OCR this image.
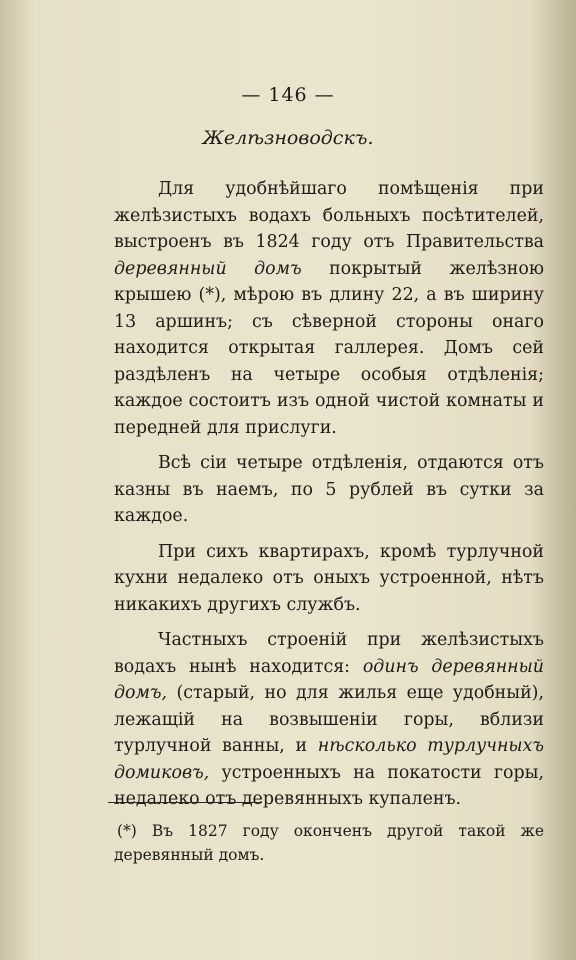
— 146 —
Желѣзноводскъ.

Для удобнѣйшаго помѣщенія при желѣзистыхъ водахъ больныхъ посѣтителей, выстроенъ въ 1824 году отъ Правительства деревянный домъ покрытый желѣзною крышею (*), мѣрою въ длину 22, а въ ширину 13 аршинъ; съ сѣверной стороны онаго находится открытая галлерея. Домъ сей раздѣленъ на четыре особыя отдѣленія; каждое состоитъ изъ одной чистой комнаты и передней для прислуги.

Всѣ сіи четыре отдѣленія, отдаются отъ казны въ наемъ, по 5 рублей въ сутки за каждое.

При сихъ квартирахъ, кромѣ турлучной кухни недалеко отъ оныхъ устроенной, нѣтъ никакихъ другихъ службъ.

Частныхъ строеній при желѣзистыхъ водахъ нынѣ находится: одинъ деревянный домъ, (старый, но для жилья еще удобный), лежащій на возвышеніи горы, вблизи турлучной ванны, и нѣсколько турлучныхъ домиковъ, устроенныхъ на покатости горы, недалеко отъ деревянныхъ купаленъ.

(*) Въ 1827 году оконченъ другой такой же деревянный домъ.
